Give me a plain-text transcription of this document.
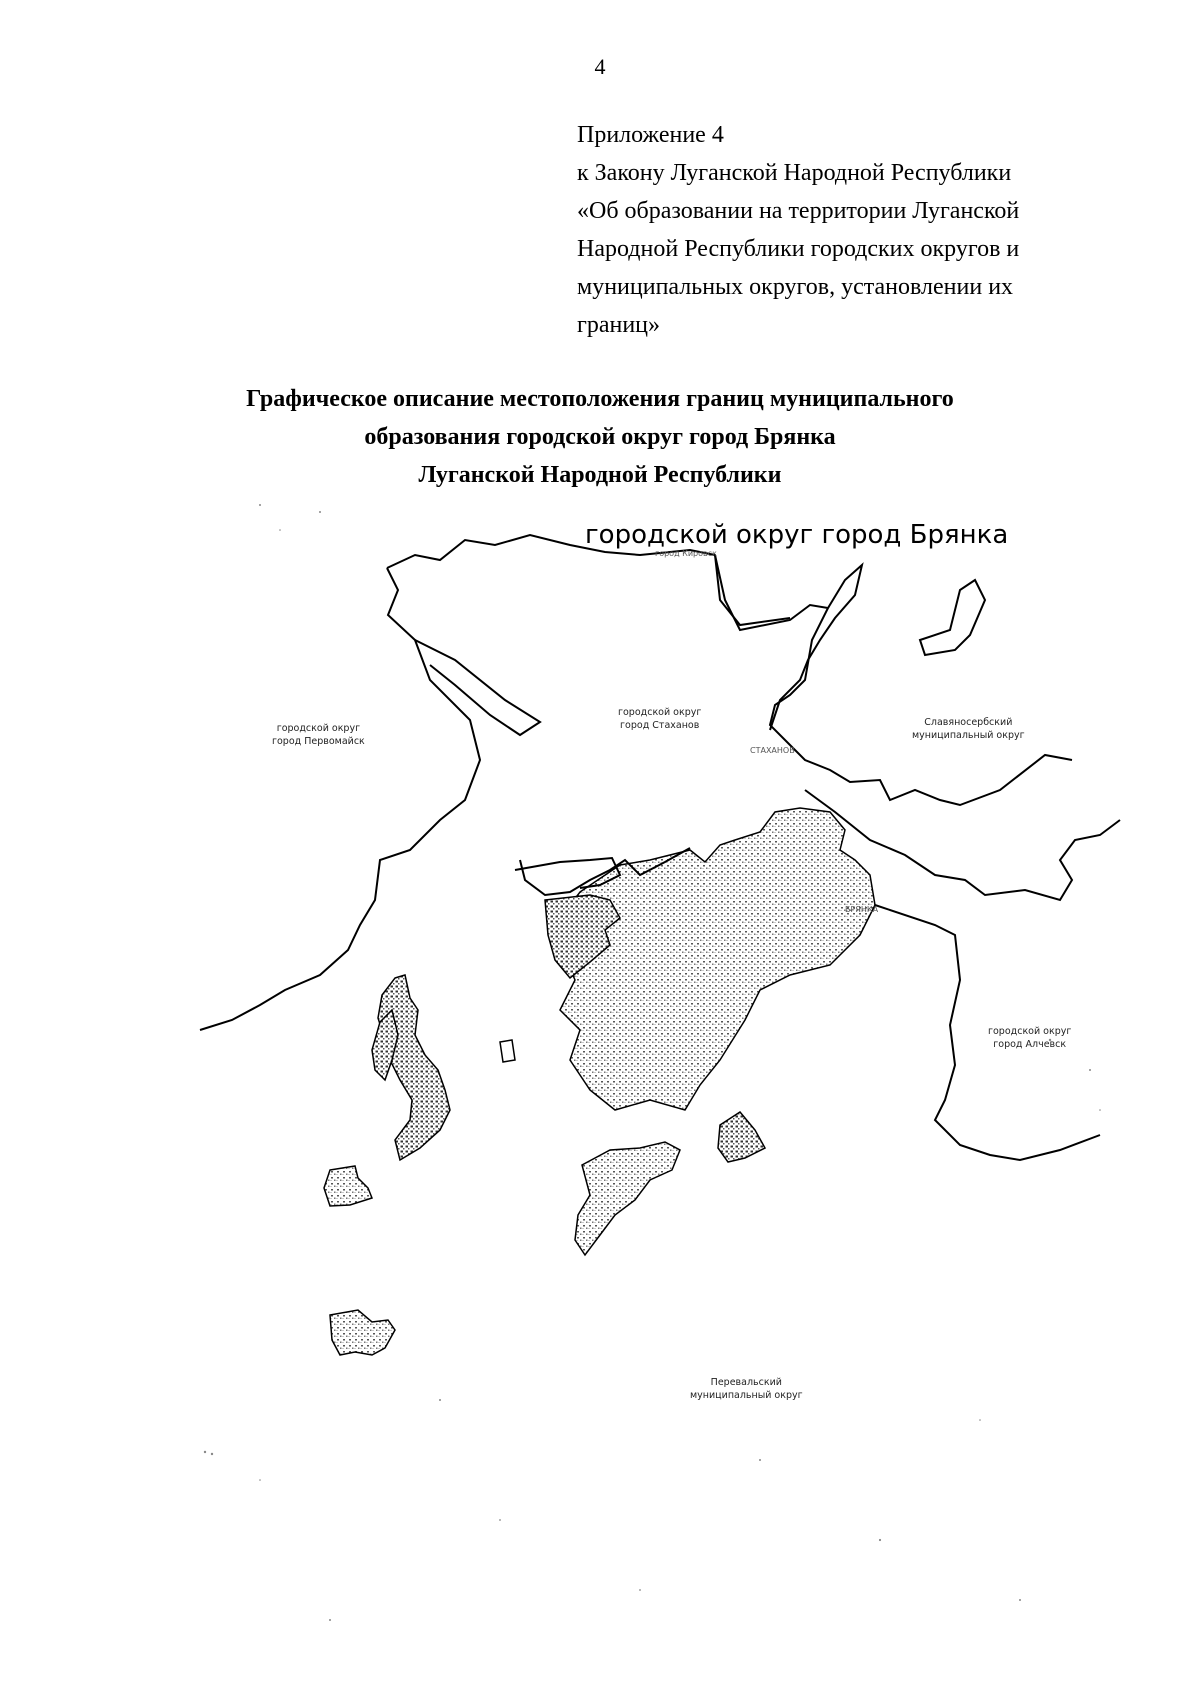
4
Приложение 4
к Закону Луганской Народной Республики
«Об образовании на территории Луганской
Народной Республики городских округов и
муниципальных округов, установлении их
границ»
Графическое описание местоположения границ муниципального
образования городской округ город Брянка
Луганской Народной Республики
городской округ город Брянка
город Кировск
городской округ
город Стаханов
СТАХАНОВ
городской округ
город Первомайск
Славяносербский
муниципальный округ
БРЯНКА
городской округ
город Алчевск
Перевальский
муниципальный округ
